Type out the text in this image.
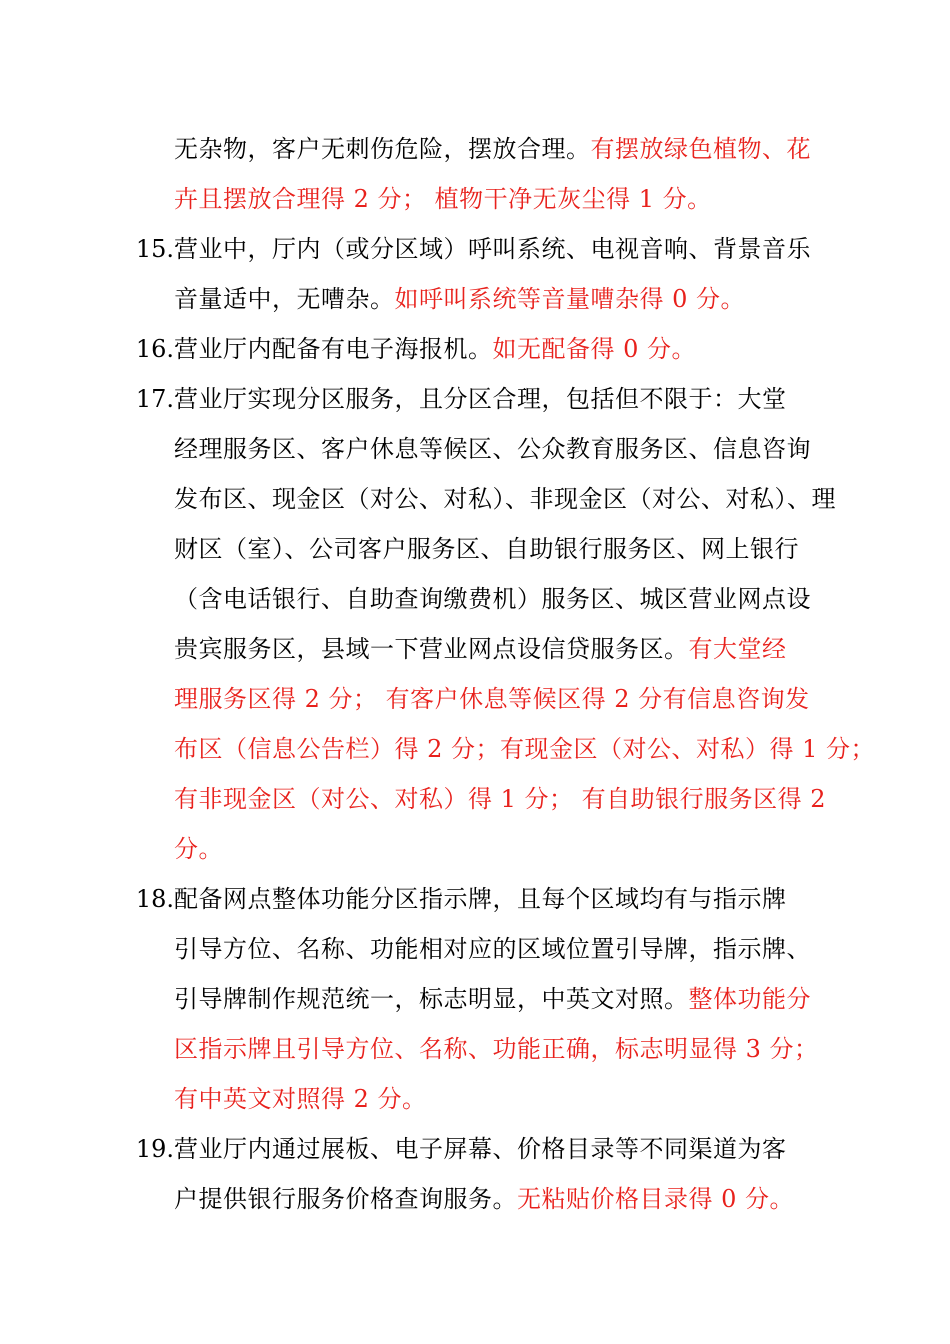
无杂物，客户无刺伤危险，摆放合理。有摆放绿色植物、花
卉且摆放合理得 2 分； 植物干净无灰尘得 1 分。
15. 营业中，厅内（或分区域）呼叫系统、电视音响、背景音乐
音量适中，无嘈杂。如呼叫系统等音量嘈杂得 0 分。
16. 营业厅内配备有电子海报机。如无配备得 0 分。
17. 营业厅实现分区服务，且分区合理，包括但不限于：大堂
经理服务区、客户休息等候区、公众教育服务区、信息咨询
发布区、现金区（对公、对私）、非现金区（对公、对私）、理
财区（室）、公司客户服务区、自助银行服务区、网上银行
（含电话银行、自助查询缴费机）服务区、城区营业网点设
贵宾服务区，县域一下营业网点设信贷服务区。有大堂经
理服务区得 2 分； 有客户休息等候区得 2 分有信息咨询发
布区（信息公告栏）得 2 分；有现金区（对公、对私）得 1 分；
有非现金区（对公、对私）得 1 分； 有自助银行服务区得 2
分。
18. 配备网点整体功能分区指示牌，且每个区域均有与指示牌
引导方位、名称、功能相对应的区域位置引导牌，指示牌、
引导牌制作规范统一，标志明显，中英文对照。整体功能分
区指示牌且引导方位、名称、功能正确，标志明显得 3 分；
有中英文对照得 2 分。
19. 营业厅内通过展板、电子屏幕、价格目录等不同渠道为客
户提供银行服务价格查询服务。无粘贴价格目录得 0 分。
